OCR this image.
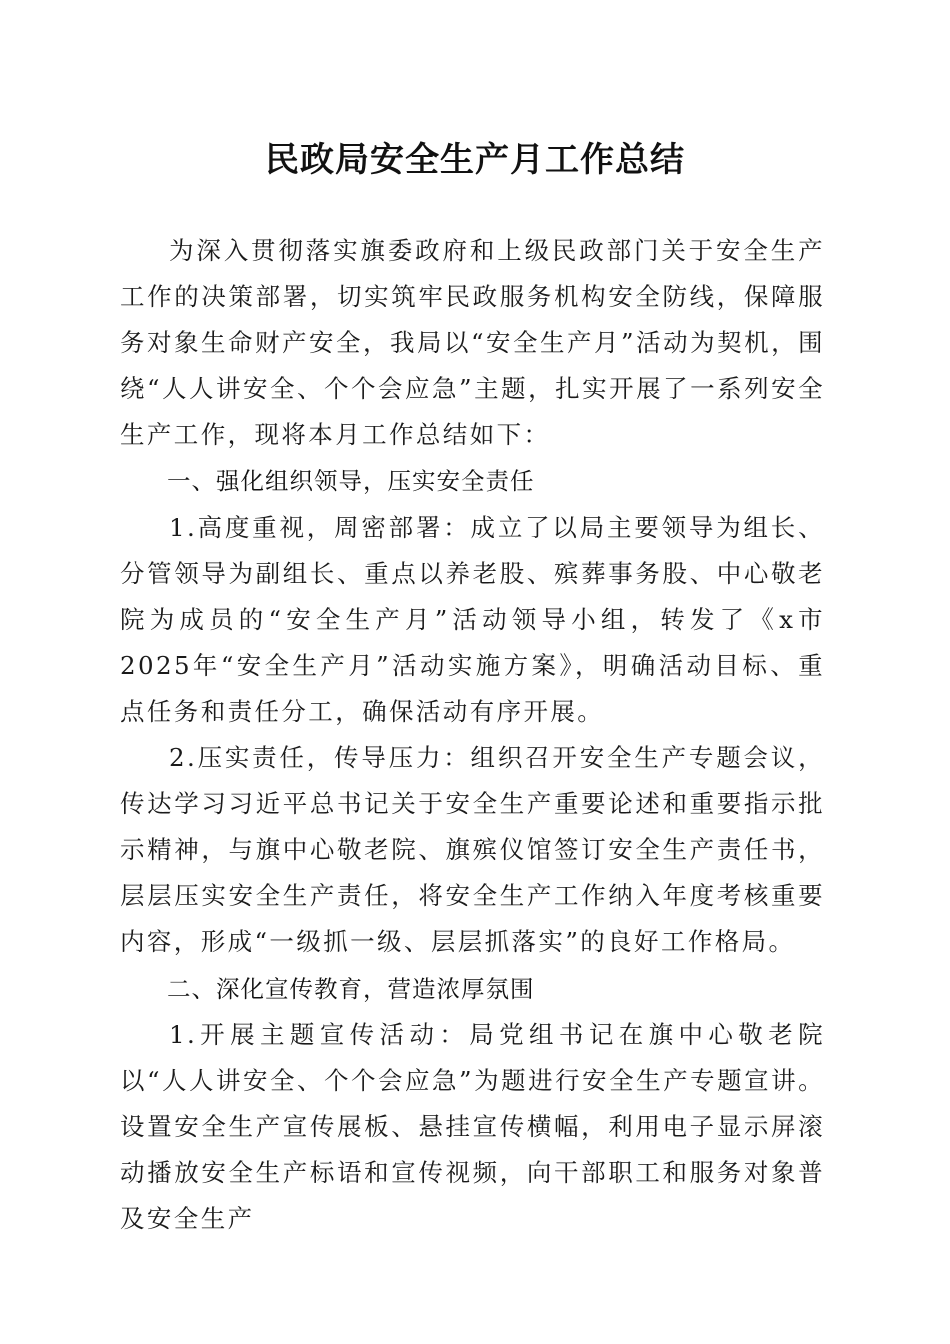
民政局安全生产月工作总结

为深入贯彻落实旗委政府和上级民政部门关于安全生产工作的决策部署，切实筑牢民政服务机构安全防线，保障服务对象生命财产安全，我局以“安全生产月”活动为契机，围绕“人人讲安全、个个会应急”主题，扎实开展了一系列安全生产工作，现将本月工作总结如下：

一、强化组织领导，压实安全责任

1.高度重视，周密部署：成立了以局主要领导为组长、分管领导为副组长、重点以养老股、殡葬事务股、中心敬老院为成员的“安全生产月”活动领导小组，转发了《x市2025年“安全生产月”活动实施方案》，明确活动目标、重点任务和责任分工，确保活动有序开展。

2.压实责任，传导压力：组织召开安全生产专题会议，传达学习习近平总书记关于安全生产重要论述和重要指示批示精神，与旗中心敬老院、旗殡仪馆签订安全生产责任书，层层压实安全生产责任，将安全生产工作纳入年度考核重要内容，形成“一级抓一级、层层抓落实”的良好工作格局。

二、深化宣传教育，营造浓厚氛围

1.开展主题宣传活动：局党组书记在旗中心敬老院以“人人讲安全、个个会应急”为题进行安全生产专题宣讲。设置安全生产宣传展板、悬挂宣传横幅，利用电子显示屏滚动播放安全生产标语和宣传视频，向干部职工和服务对象普及安全生产
